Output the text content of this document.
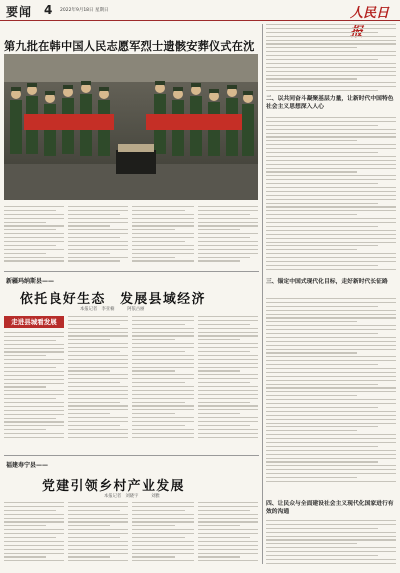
要闻 4 2022年9月18日 星期日	人民日报
第九批在韩中国人民志愿军烈士遗骸安葬仪式在沈
二、以共同奋斗凝聚基层力量，让新时代中国特色社会主义思想深入人心
三、锚定中国式现代化目标，走好新时代长征路
四、让民众与全面建设社会主义现代化国家进行有效的沟通
新疆玛纳斯县——
依托良好生态　发展县域经济
本报记者　李亚楠　　　阿依古丽
走进县城看发展
福建寿宁县——
党建引领乡村产业发展
本报记者　刘晓宇　　　刘雅
